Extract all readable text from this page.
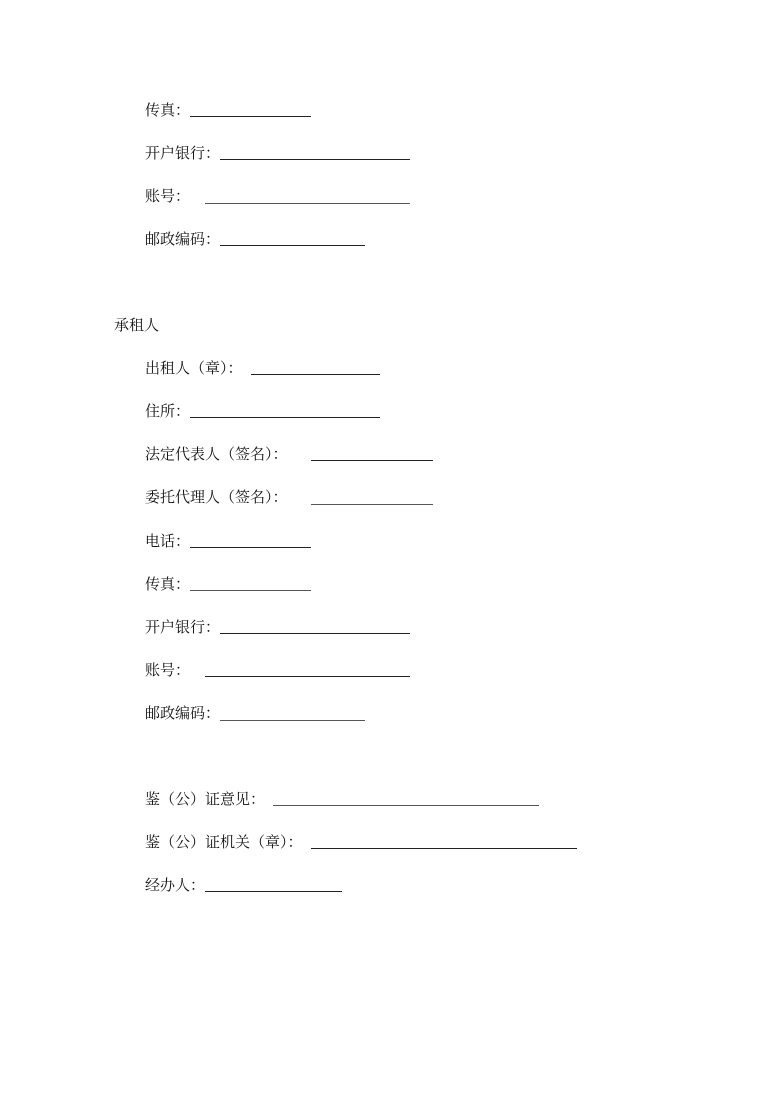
传真：
开户银行：
账号：
邮政编码：
承租人
出租人（章）：
住所：
法定代表人（签名）：
委托代理人（签名）：
电话：
传真：
开户银行：
账号：
邮政编码：
鉴（公）证意见：
鉴（公）证机关（章）：
经办人：
